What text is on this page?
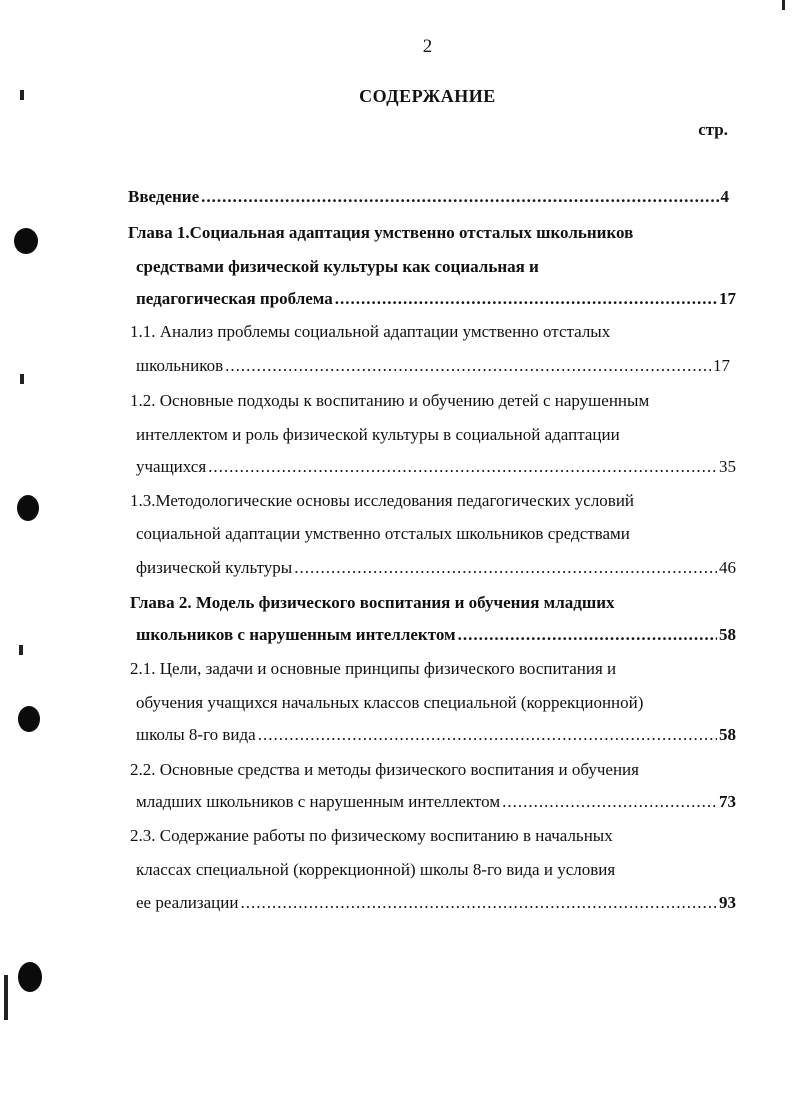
2
СОДЕРЖАНИЕ
стр.
Введение .....	4
Глава 1.Социальная адаптация умственно отсталых школьников
средствами физической культуры как социальная и
педагогическая проблема .....	17
1.1. Анализ проблемы социальной адаптации умственно отсталых
школьников .....	17
1.2. Основные подходы к воспитанию и обучению детей с нарушенным
интеллектом и роль физической культуры в социальной адаптации
учащихся .....	35
1.3.Методологические основы исследования педагогических условий
социальной адаптации умственно отсталых школьников средствами
физической культуры .....	46
Глава 2. Модель физического воспитания и обучения младших
школьников с нарушенным интеллектом .....	58
2.1. Цели, задачи и основные принципы физического воспитания и
обучения учащихся начальных классов специальной (коррекционной)
школы 8-го вида .....	58
2.2. Основные средства и методы физического воспитания и обучения
младших школьников с нарушенным интеллектом .....	73
2.3. Содержание работы по физическому воспитанию в начальных
классах специальной (коррекционной) школы 8-го вида и условия
ее реализации .....	93
